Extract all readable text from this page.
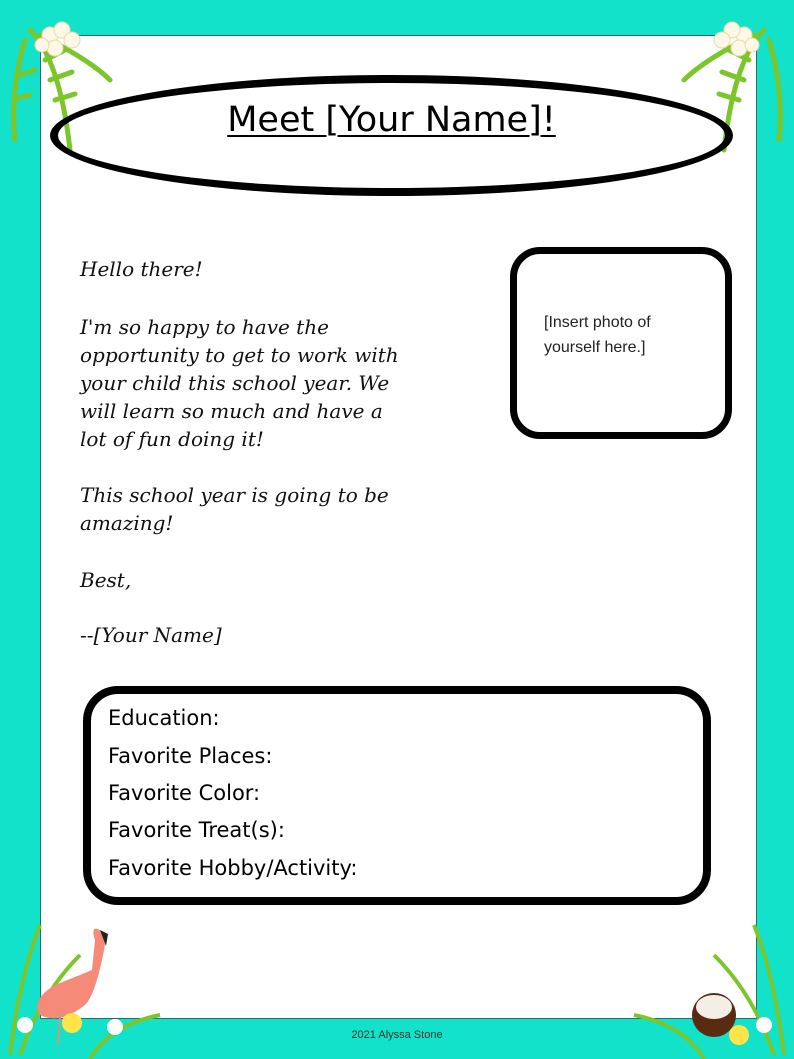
Meet [Your Name]!
Hello there!
I'm so happy to have the
opportunity to get to work with
your child this school year. We
will learn so much and have a
lot of fun doing it!
This school year is going to be
amazing!
Best,
--[Your Name]
[Insert photo of
yourself here.]
Education:
Favorite Places:
Favorite Color:
Favorite Treat(s):
Favorite Hobby/Activity:
2021 Alyssa Stone
